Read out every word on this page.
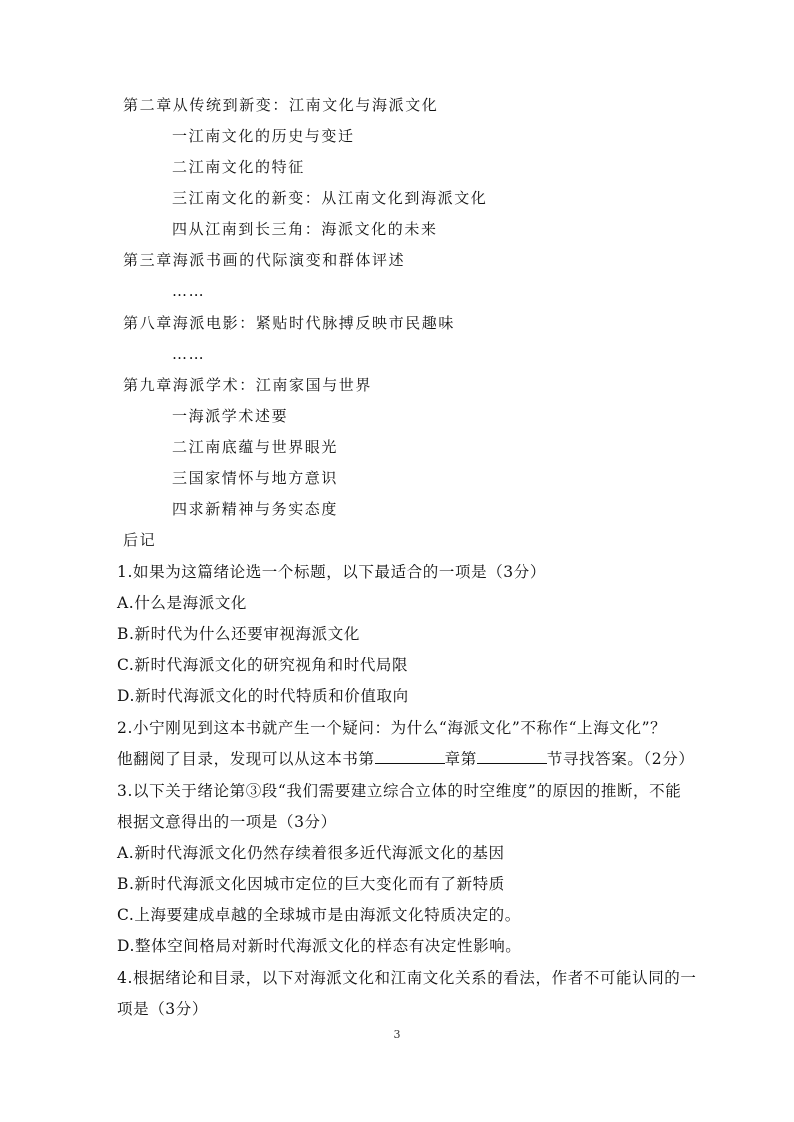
第二章从传统到新变：江南文化与海派文化
一江南文化的历史与变迁
二江南文化的特征
三江南文化的新变：从江南文化到海派文化
四从江南到长三角：海派文化的未来
第三章海派书画的代际演变和群体评述
……
第八章海派电影：紧贴时代脉搏反映市民趣味
……
第九章海派学术：江南家国与世界
一海派学术述要
二江南底蕴与世界眼光
三国家情怀与地方意识
四求新精神与务实态度
后记
1.如果为这篇绪论选一个标题，以下最适合的一项是（3分）
A.什么是海派文化
B.新时代为什么还要审视海派文化
C.新时代海派文化的研究视角和时代局限
D.新时代海派文化的时代特质和价值取向
2.小宁刚见到这本书就产生一个疑问：为什么“海派文化”不称作“上海文化”？
他翻阅了目录，发现可以从这本书第	章第	节寻找答案。（2分）
3.以下关于绪论第③段“我们需要建立综合立体的时空维度”的原因的推断，不能
根据文意得出的一项是（3分）
A.新时代海派文化仍然存续着很多近代海派文化的基因
B.新时代海派文化因城市定位的巨大变化而有了新特质
C.上海要建成卓越的全球城市是由海派文化特质决定的。
D.整体空间格局对新时代海派文化的样态有决定性影响。
4.根据绪论和目录，以下对海派文化和江南文化关系的看法，作者不可能认同的一
项是（3分）
3
